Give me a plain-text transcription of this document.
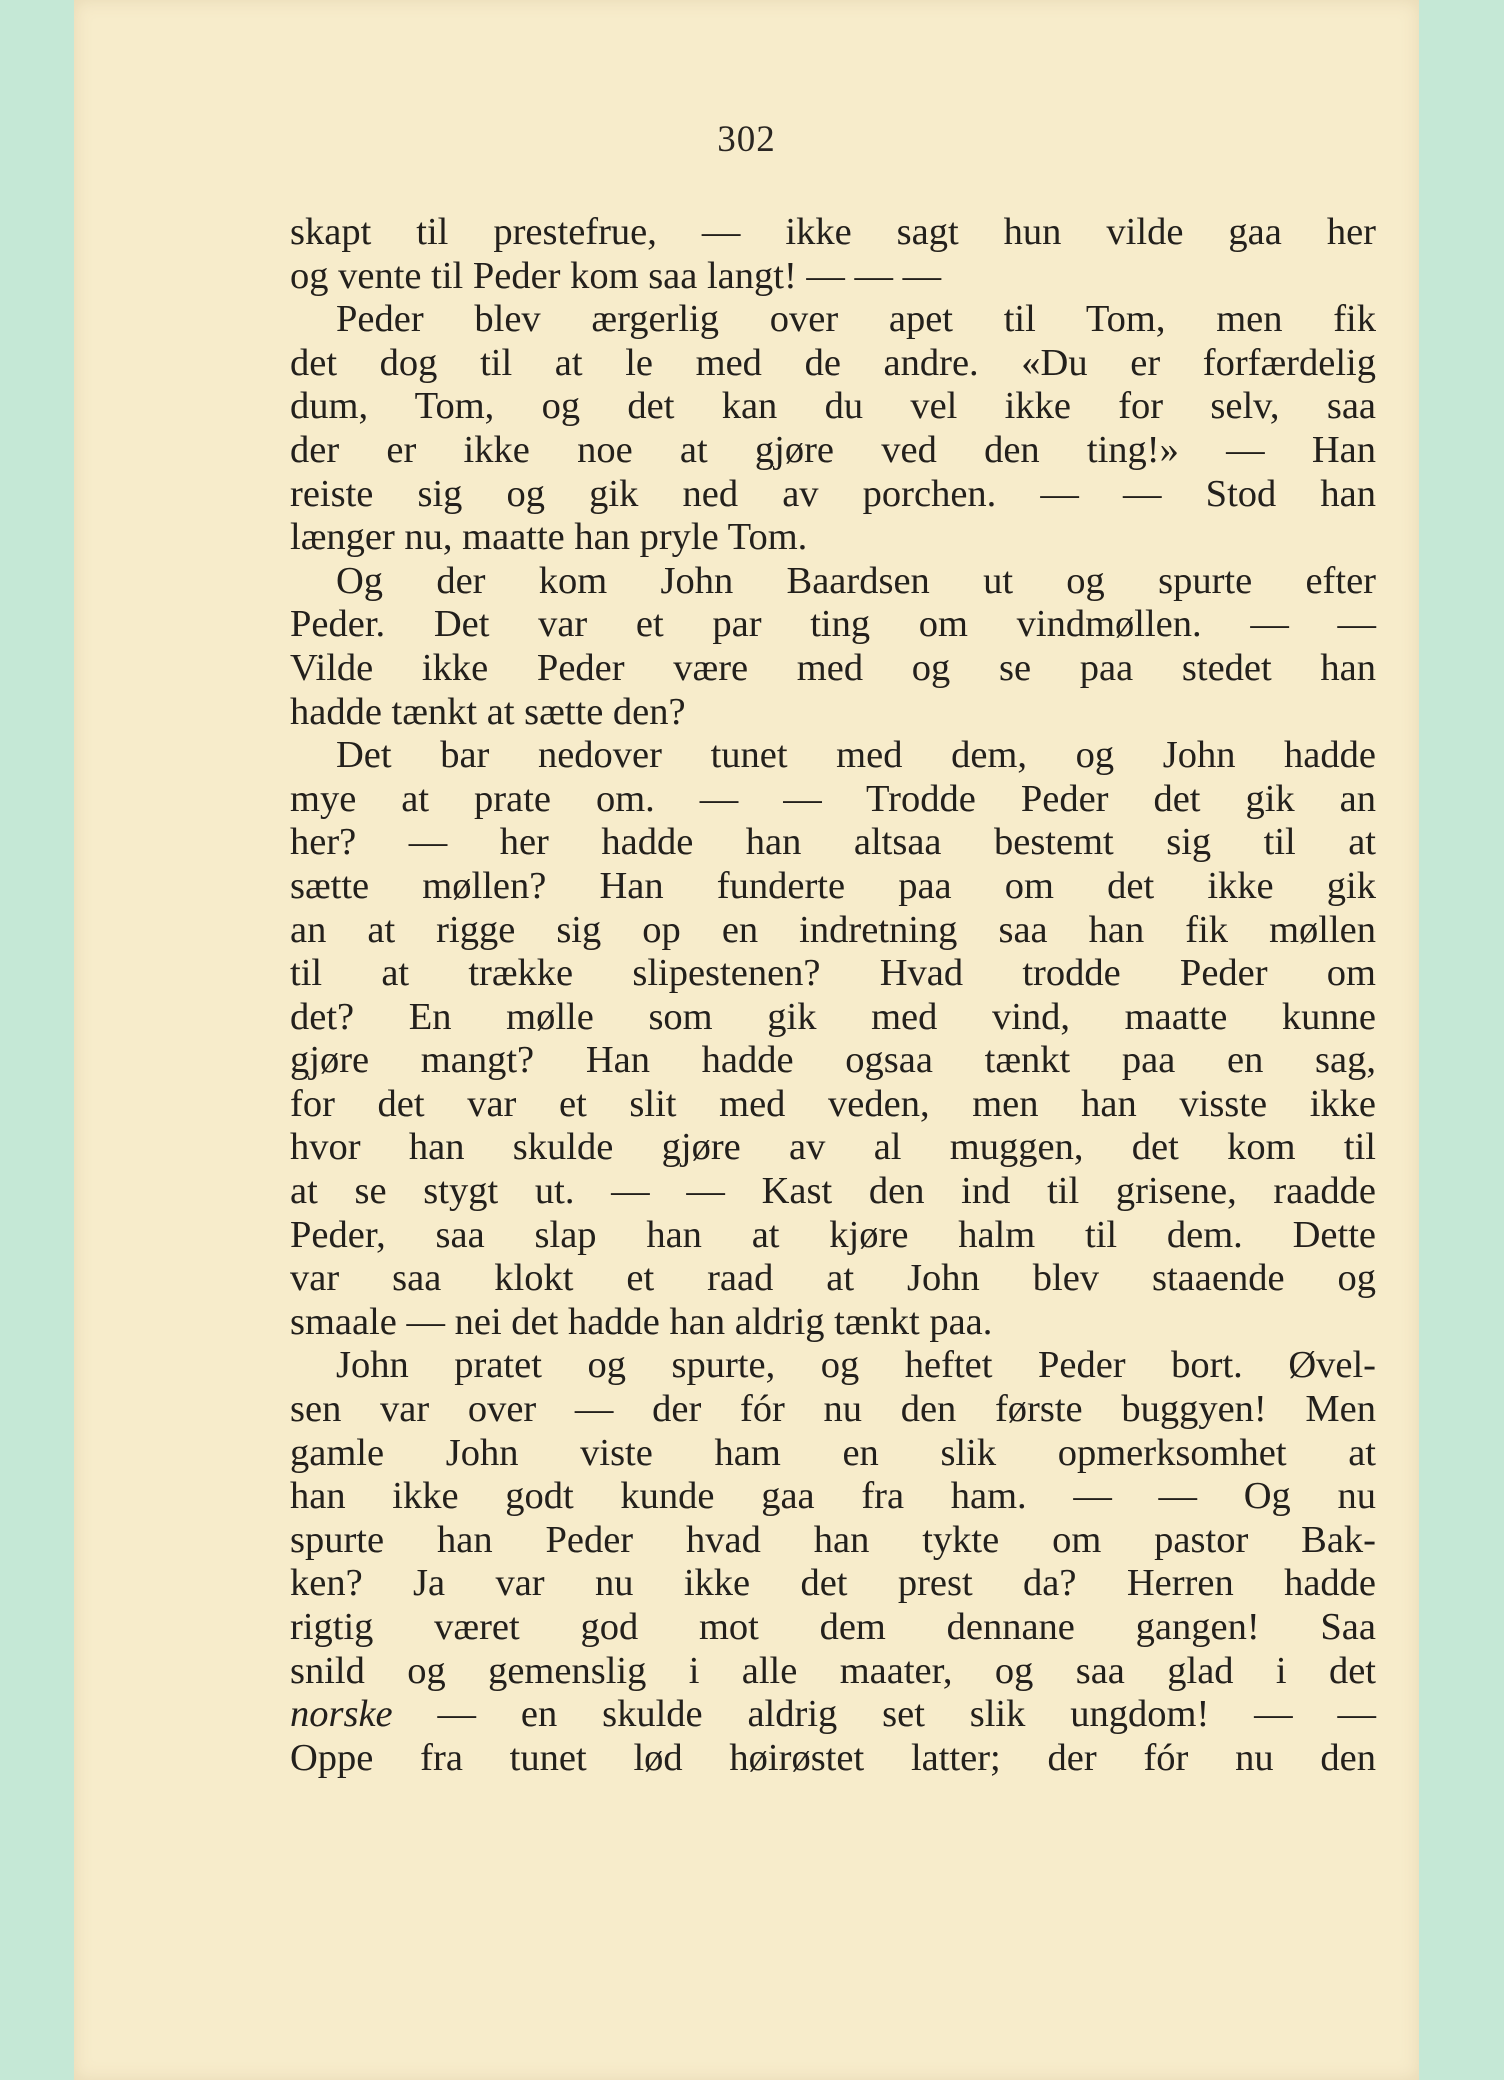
302
skapt til prestefrue, — ikke sagt hun vilde gaa her
og vente til Peder kom saa langt! — — —
Peder blev ærgerlig over apet til Tom, men fik
det dog til at le med de andre. «Du er forfærdelig
dum, Tom, og det kan du vel ikke for selv, saa
der er ikke noe at gjøre ved den ting!» — Han
reiste sig og gik ned av porchen. — — Stod han
længer nu, maatte han pryle Tom.
Og der kom John Baardsen ut og spurte efter
Peder. Det var et par ting om vindmøllen. — —
Vilde ikke Peder være med og se paa stedet han
hadde tænkt at sætte den?
Det bar nedover tunet med dem, og John hadde
mye at prate om. — — Trodde Peder det gik an
her? — her hadde han altsaa bestemt sig til at
sætte møllen? Han funderte paa om det ikke gik
an at rigge sig op en indretning saa han fik møllen
til at trække slipestenen? Hvad trodde Peder om
det? En mølle som gik med vind, maatte kunne
gjøre mangt? Han hadde ogsaa tænkt paa en sag,
for det var et slit med veden, men han visste ikke
hvor han skulde gjøre av al muggen, det kom til
at se stygt ut. — — Kast den ind til grisene, raadde
Peder, saa slap han at kjøre halm til dem. Dette
var saa klokt et raad at John blev staaende og
smaale — nei det hadde han aldrig tænkt paa.
John pratet og spurte, og heftet Peder bort. Øvel-
sen var over — der fór nu den første buggyen! Men
gamle John viste ham en slik opmerksomhet at
han ikke godt kunde gaa fra ham. — — Og nu
spurte han Peder hvad han tykte om pastor Bak-
ken? Ja var nu ikke det prest da? Herren hadde
rigtig været god mot dem dennane gangen! Saa
snild og gemenslig i alle maater, og saa glad i det
norske — en skulde aldrig set slik ungdom! — —
Oppe fra tunet lød høirøstet latter; der fór nu den
